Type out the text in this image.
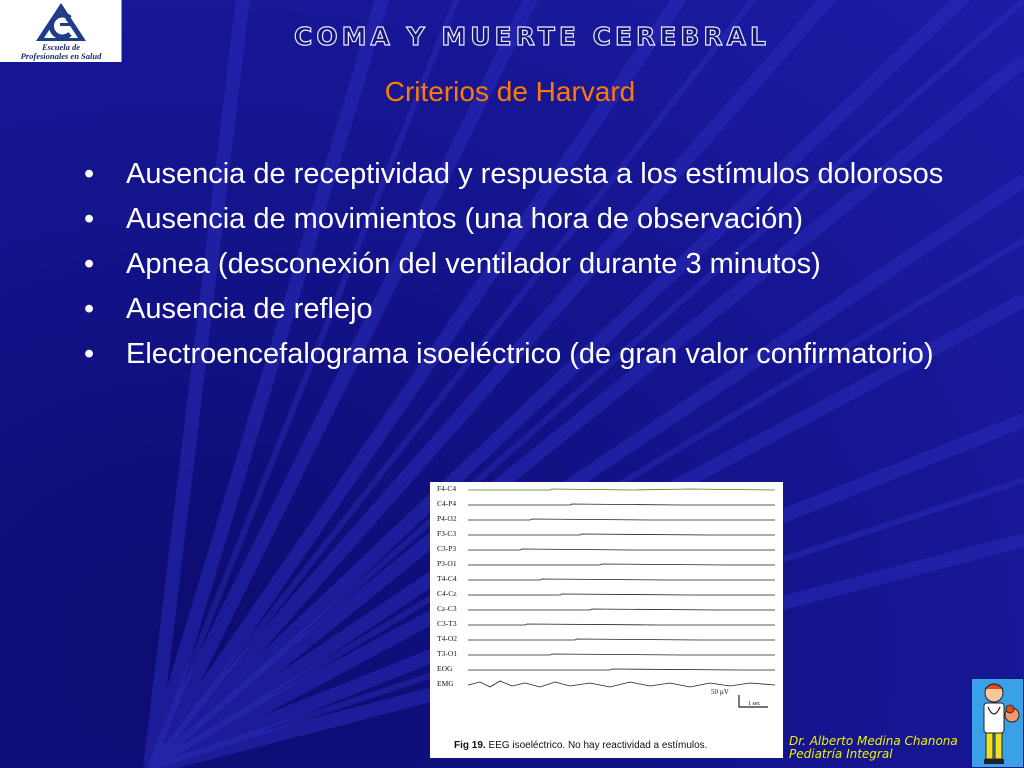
Escuela de
Profesionales en Salud
COMA Y MUERTE CEREBRAL
Criterios de Harvard
• Ausencia de receptividad y respuesta a los estímulos dolorosos
• Ausencia de movimientos (una hora de observación)
• Apnea (desconexión del ventilador durante 3 minutos)
• Ausencia de reflejo
• Electroencefalograma isoeléctrico (de gran valor confirmatorio)
F4-C4
C4-P4
P4-O2
F3-C3
C3-P3
P3-O1
T4-C4
C4-Cz
Cz-C3
C3-T3
T4-O2
T3-O1
EOG
EMG
50 µV
1 sec
Fig 19. EEG isoeléctrico. No hay reactividad a estímulos.	Dr. Alberto Medina Chanona
Pediatría Integral
